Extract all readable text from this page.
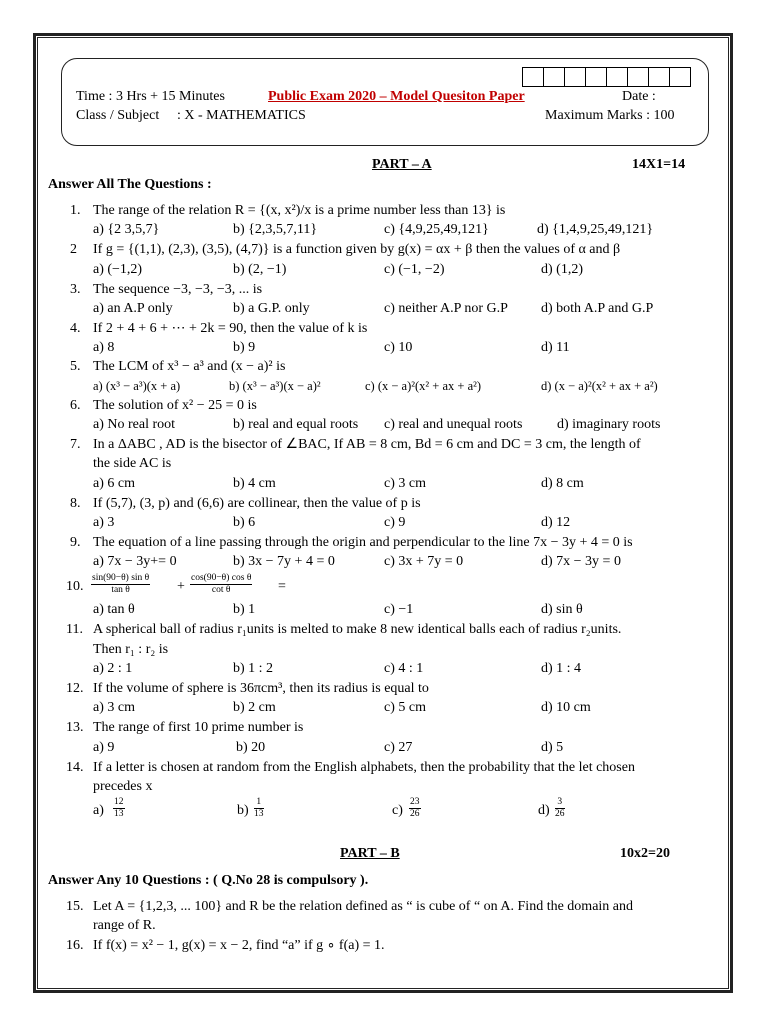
Time : 3 Hrs + 15 Minutes	Public Exam 2020 – Model Quesiton Paper	Date :
Class / Subject : X - MATHEMATICS	Maximum Marks : 100
PART – A	14X1=14
Answer All The Questions :
1. The range of the relation R = {(x, x²)/x is a prime number less than 13} is
a) {2 3,5,7}	b) {2,3,5,7,11}	c) {4,9,25,49,121}	d) {1,4,9,25,49,121}
2 If g = {(1,1), (2,3), (3,5), (4,7)} is a function given by g(x) = αx + β then the values of α and β
a) (−1,2)	b) (2, −1)	c) (−1, −2)	d) (1,2)
3. The sequence −3, −3, −3, ... is
a) an A.P only	b) a G.P. only	c) neither A.P nor G.P d) both A.P and G.P
4. If 2 + 4 + 6 + ⋯ + 2k = 90, then the value of k is
a) 8	b) 9	c) 10	d) 11
5. The LCM of x³ − a³ and (x − a)² is
a) (x³ − a³)(x + a)	b) (x³ − a³)(x − a)²	c) (x − a)²(x² + ax + a²)	d) (x − a)²(x² + ax + a²)
6. The solution of x² − 25 = 0 is
a) No real root	b) real and equal roots c) real and unequal roots d) imaginary roots
7. In a ΔABC , AD is the bisector of ∠BAC, If AB = 8 cm, Bd = 6 cm and DC = 3 cm, the length of
the side AC is
a) 6 cm	b) 4 cm	c) 3 cm	d) 8 cm
8. If (5,7), (3, p) and (6,6) are collinear, then the value of p is
a) 3	b) 6	c) 9	d) 12
9. The equation of a line passing through the origin and perpendicular to the line 7x − 3y + 4 = 0 is
a) 7x − 3y+= 0	b) 3x − 7y + 4 = 0	c) 3x + 7y = 0	d) 7x − 3y = 0
10. $\frac{\text{sin(90−θ) sin θ}}{\text{tan θ}} + \frac{\text{cos(90−θ) cos θ}}{\text{cot θ}}$ =
a) tan θ	b) 1	c) −1	d) sin θ
11. A spherical ball of radius r₁units is melted to make 8 new identical balls each of radius r₂units.
Then r₁ : r₂ is
a) 2 : 1	b) 1 : 2	c) 4 : 1	d) 1 : 4
12. If the volume of sphere is 36πcm³, then its radius is equal to
a) 3 cm	b) 2 cm	c) 5 cm	d) 10 cm
13. The range of first 10 prime number is
a) 9	b) 20	c) 27	d) 5
14. If a letter is chosen at random from the English alphabets, then the probability that the let chosen
precedes x
$a) \frac{12}{13}$	$b) \frac{1}{13}$	$c) \frac{23}{26}$	$d) \frac{3}{26}$
PART – B	10x2=20
Answer Any 10 Questions : ( Q.No 28 is compulsory ).
15. Let A = {1,2,3, ... 100} and R be the relation defined as “ is cube of “ on A. Find the domain and
range of R.
16. If f(x) = x² − 1, g(x) = x − 2, find “a” if g ∘ f(a) = 1.
